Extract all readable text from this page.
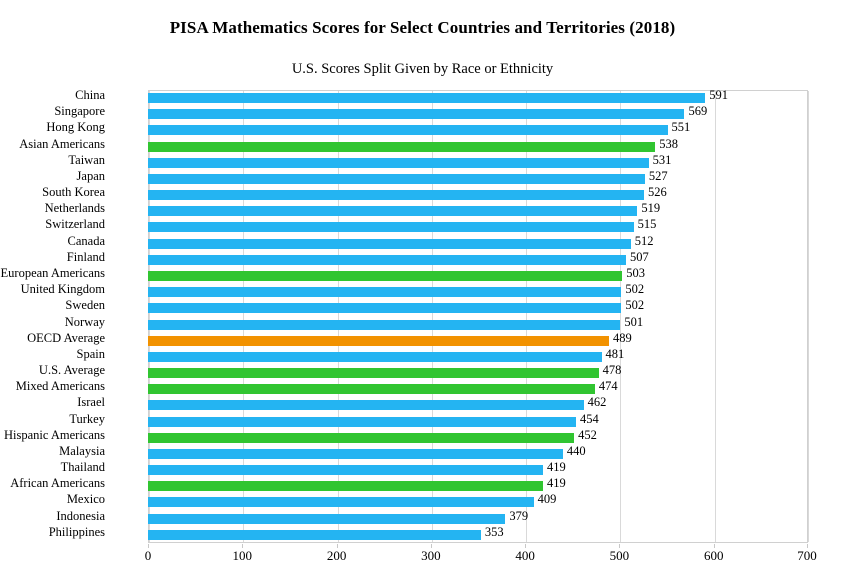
PISA Mathematics Scores for Select Countries and Territories (2018)
U.S. Scores Split Given by Race or Ethnicity
China	591
Singapore	569
Hong Kong	551
Asian Americans	538
Taiwan	531
Japan	527
South Korea	526
Netherlands	519
Switzerland	515
Canada	512
Finland	507
European Americans	503
United Kingdom	502
Sweden	502
Norway	501
OECD Average	489
Spain	481
U.S. Average	478
Mixed Americans	474
Israel	462
Turkey	454
Hispanic Americans	452
Malaysia	440
Thailand	419
African Americans	419
Mexico	409
Indonesia	379
Philippines	353
0	100	200	300	400	500	600	700
